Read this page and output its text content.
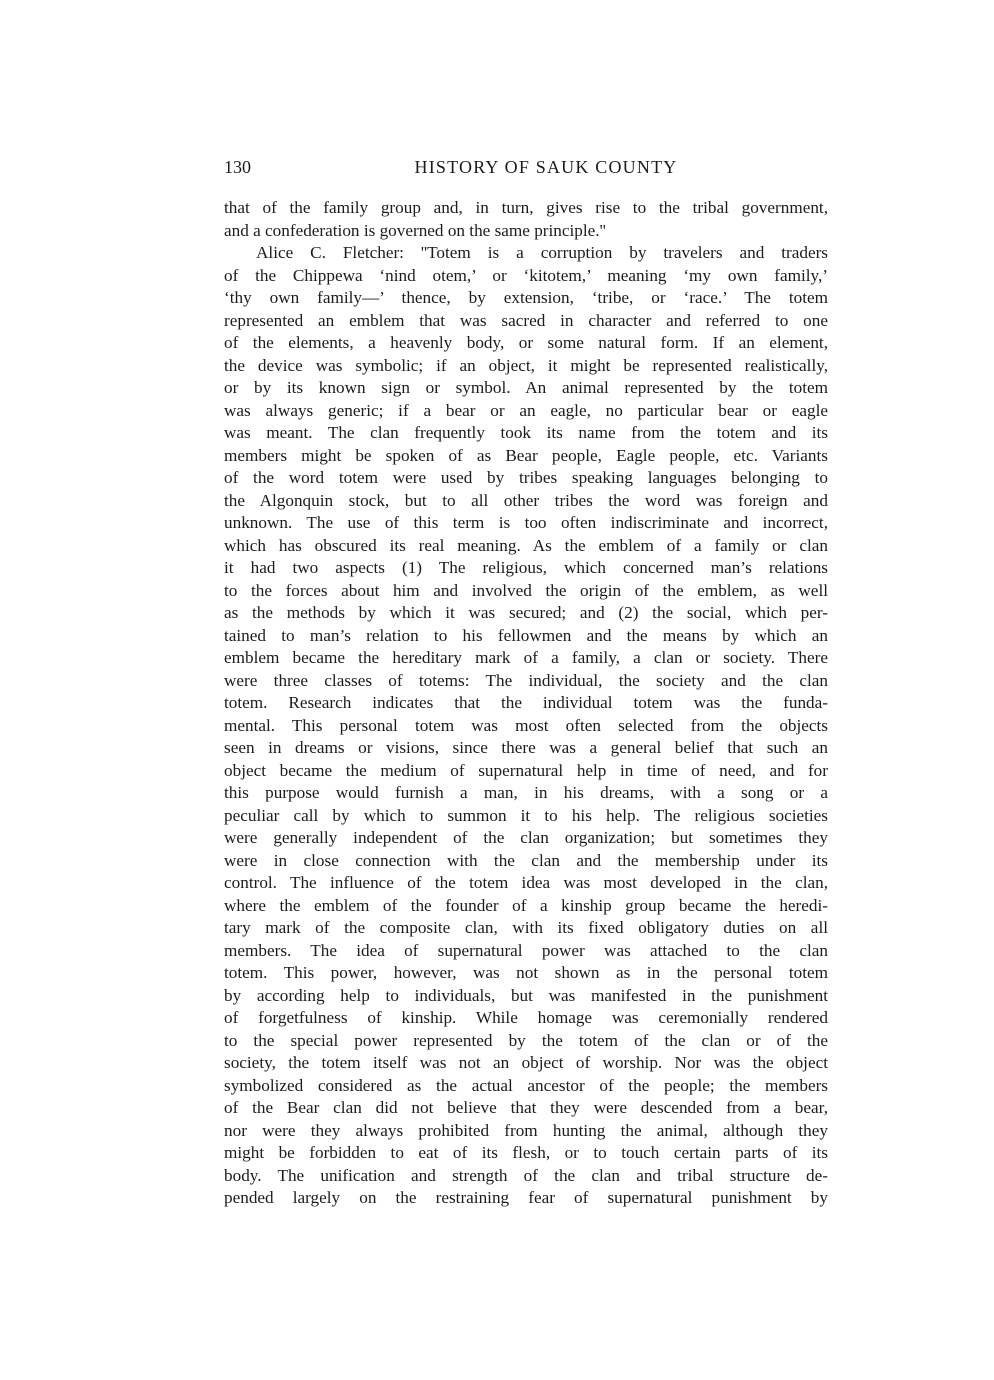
130	HISTORY OF SAUK COUNTY
that of the family group and, in turn, gives rise to the tribal government,
and a confederation is governed on the same principle.''
Alice C. Fletcher: ''Totem is a corruption by travelers and traders
of the Chippewa ‘nind otem,’ or ‘kitotem,’ meaning ‘my own family,’
‘thy own family—’ thence, by extension, ‘tribe, or ‘race.’ The totem
represented an emblem that was sacred in character and referred to one
of the elements, a heavenly body, or some natural form. If an element,
the device was symbolic; if an object, it might be represented realistically,
or by its known sign or symbol. An animal represented by the totem
was always generic; if a bear or an eagle, no particular bear or eagle
was meant. The clan frequently took its name from the totem and its
members might be spoken of as Bear people, Eagle people, etc. Variants
of the word totem were used by tribes speaking languages belonging to
the Algonquin stock, but to all other tribes the word was foreign and
unknown. The use of this term is too often indiscriminate and incorrect,
which has obscured its real meaning. As the emblem of a family or clan
it had two aspects (1) The religious, which concerned man’s relations
to the forces about him and involved the origin of the emblem, as well
as the methods by which it was secured; and (2) the social, which per-
tained to man’s relation to his fellowmen and the means by which an
emblem became the hereditary mark of a family, a clan or society. There
were three classes of totems: The individual, the society and the clan
totem. Research indicates that the individual totem was the funda-
mental. This personal totem was most often selected from the objects
seen in dreams or visions, since there was a general belief that such an
object became the medium of supernatural help in time of need, and for
this purpose would furnish a man, in his dreams, with a song or a
peculiar call by which to summon it to his help. The religious societies
were generally independent of the clan organization; but sometimes they
were in close connection with the clan and the membership under its
control. The influence of the totem idea was most developed in the clan,
where the emblem of the founder of a kinship group became the heredi-
tary mark of the composite clan, with its fixed obligatory duties on all
members. The idea of supernatural power was attached to the clan
totem. This power, however, was not shown as in the personal totem
by according help to individuals, but was manifested in the punishment
of forgetfulness of kinship. While homage was ceremonially rendered
to the special power represented by the totem of the clan or of the
society, the totem itself was not an object of worship. Nor was the object
symbolized considered as the actual ancestor of the people; the members
of the Bear clan did not believe that they were descended from a bear,
nor were they always prohibited from hunting the animal, although they
might be forbidden to eat of its flesh, or to touch certain parts of its
body. The unification and strength of the clan and tribal structure de-
pended largely on the restraining fear of supernatural punishment by
